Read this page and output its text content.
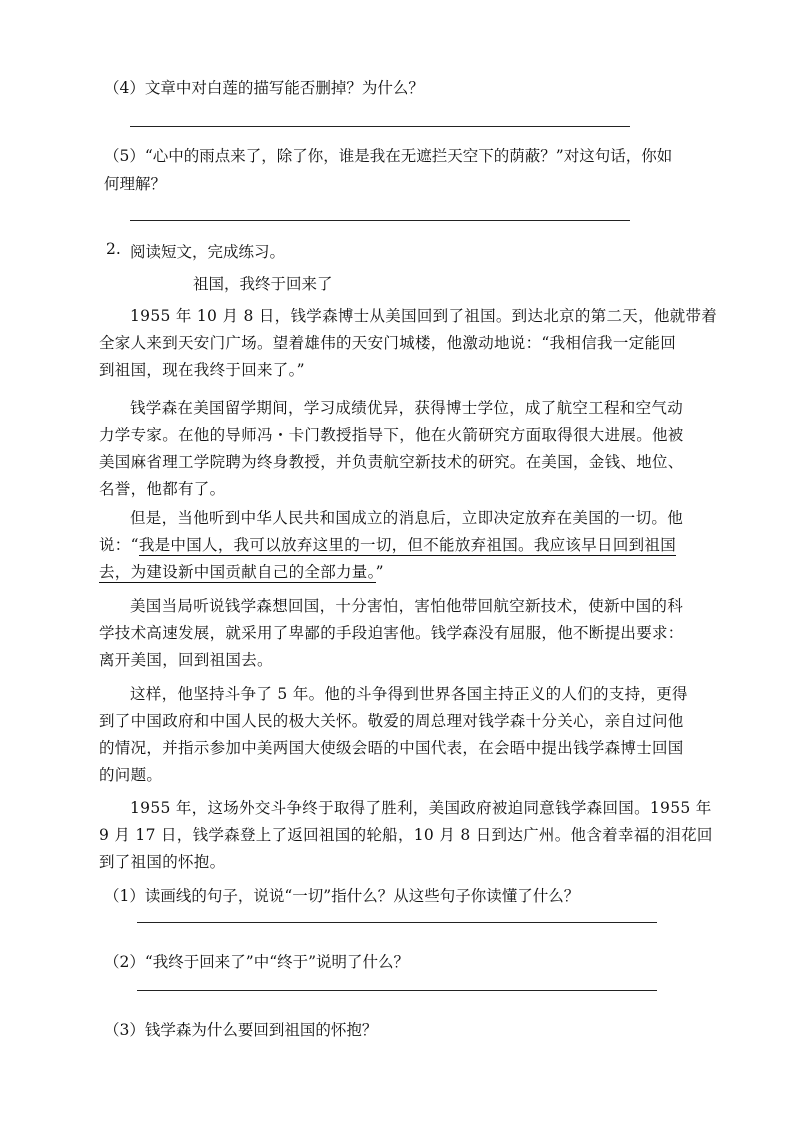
（4）文章中对白莲的描写能否删掉？为什么？
（5）“心中的雨点来了，除了你，谁是我在无遮拦天空下的荫蔽？”对这句话，你如
何理解？
2. 阅读短文，完成练习。
祖国，我终于回来了
1955 年 10 月 8 日，钱学森博士从美国回到了祖国。到达北京的第二天，他就带着
全家人来到天安门广场。望着雄伟的天安门城楼，他激动地说：“我相信我一定能回
到祖国，现在我终于回来了。”
钱学森在美国留学期间，学习成绩优异，获得博士学位，成了航空工程和空气动
力学专家。在他的导师冯・卡门教授指导下，他在火箭研究方面取得很大进展。他被
美国麻省理工学院聘为终身教授，并负责航空新技术的研究。在美国，金钱、地位、
名誉，他都有了。
但是，当他听到中华人民共和国成立的消息后，立即决定放弃在美国的一切。他
说：“我是中国人，我可以放弃这里的一切，但不能放弃祖国。我应该早日回到祖国
去，为建设新中国贡献自己的全部力量。”
美国当局听说钱学森想回国，十分害怕，害怕他带回航空新技术，使新中国的科
学技术高速发展，就采用了卑鄙的手段迫害他。钱学森没有屈服，他不断提出要求：
离开美国，回到祖国去。
这样，他坚持斗争了 5 年。他的斗争得到世界各国主持正义的人们的支持，更得
到了中国政府和中国人民的极大关怀。敬爱的周总理对钱学森十分关心，亲自过问他
的情况，并指示参加中美两国大使级会晤的中国代表，在会晤中提出钱学森博士回国
的问题。
1955 年，这场外交斗争终于取得了胜利，美国政府被迫同意钱学森回国。1955 年
9 月 17 日，钱学森登上了返回祖国的轮船，10 月 8 日到达广州。他含着幸福的泪花回
到了祖国的怀抱。
（1）读画线的句子，说说“一切”指什么？从这些句子你读懂了什么？
（2）“我终于回来了”中“终于”说明了什么？
（3）钱学森为什么要回到祖国的怀抱？
